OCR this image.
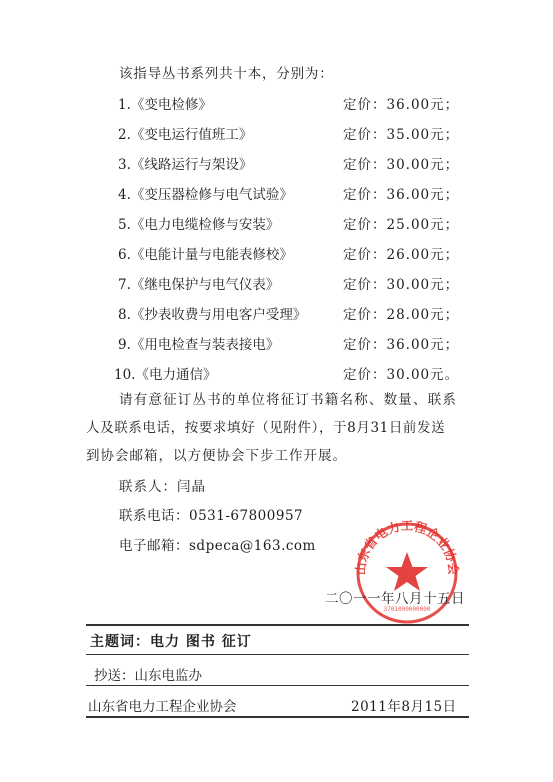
该指导丛书系列共十本，分别为：
1.《变电检修》	定价：36.00元；
2.《变电运行值班工》	定价：35.00元；
3.《线路运行与架设》	定价：30.00元；
4.《变压器检修与电气试验》	定价：36.00元；
5.《电力电缆检修与安装》	定价：25.00元；
6.《电能计量与电能表修校》	定价：26.00元；
7.《继电保护与电气仪表》	定价：30.00元；
8.《抄表收费与用电客户受理》	定价：28.00元；
9.《用电检查与装表接电》	定价：36.00元；
10.《电力通信》	定价：30.00元。
请有意征订丛书的单位将征订书籍名称、数量、联系
人及联系电话，按要求填好（见附件），于8月31日前发送
到协会邮箱，以方便协会下步工作开展。
联系人：闫晶
联系电话：0531-67800957
电子邮箱：sdpeca@163.com
山东省电力工程企业协会
3701000000000
二〇一一年八月十五日
主题词：电力 图书 征订
抄送：山东电监办
山东省电力工程企业协会	2011年8月15日
